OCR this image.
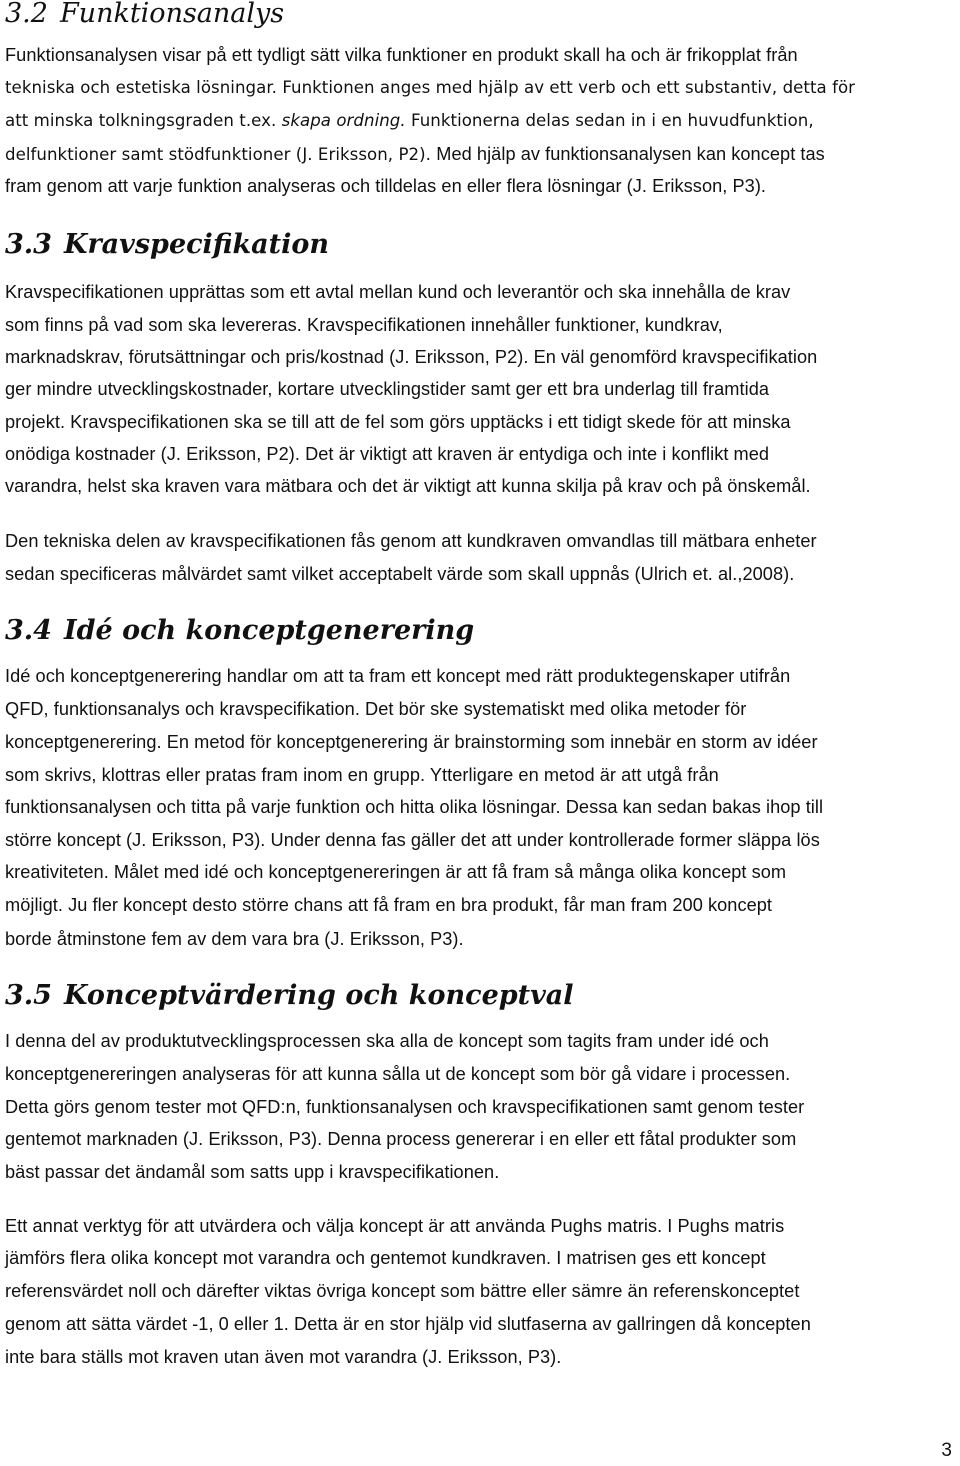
3.2 Funktionsanalys
Funktionsanalysen visar på ett tydligt sätt vilka funktioner en produkt skall ha och är frikopplat från
tekniska och estetiska lösningar. Funktionen anges med hjälp av ett verb och ett substantiv, detta för
att minska tolkningsgraden t.ex. skapa ordning. Funktionerna delas sedan in i en huvudfunktion,
delfunktioner samt stödfunktioner (J. Eriksson, P2). Med hjälp av funktionsanalysen kan koncept tas
fram genom att varje funktion analyseras och tilldelas en eller flera lösningar (J. Eriksson, P3).
3.3 Kravspecifikation
Kravspecifikationen upprättas som ett avtal mellan kund och leverantör och ska innehålla de krav
som finns på vad som ska levereras. Kravspecifikationen innehåller funktioner, kundkrav,
marknadskrav, förutsättningar och pris/kostnad (J. Eriksson, P2). En väl genomförd kravspecifikation
ger mindre utvecklingskostnader, kortare utvecklingstider samt ger ett bra underlag till framtida
projekt. Kravspecifikationen ska se till att de fel som görs upptäcks i ett tidigt skede för att minska
onödiga kostnader (J. Eriksson, P2). Det är viktigt att kraven är entydiga och inte i konflikt med
varandra, helst ska kraven vara mätbara och det är viktigt att kunna skilja på krav och på önskemål.
Den tekniska delen av kravspecifikationen fås genom att kundkraven omvandlas till mätbara enheter
sedan specificeras målvärdet samt vilket acceptabelt värde som skall uppnås (Ulrich et. al.,2008).
3.4 Idé och konceptgenerering
Idé och konceptgenerering handlar om att ta fram ett koncept med rätt produktegenskaper utifrån
QFD, funktionsanalys och kravspecifikation. Det bör ske systematiskt med olika metoder för
konceptgenerering. En metod för konceptgenerering är brainstorming som innebär en storm av idéer
som skrivs, klottras eller pratas fram inom en grupp. Ytterligare en metod är att utgå från
funktionsanalysen och titta på varje funktion och hitta olika lösningar. Dessa kan sedan bakas ihop till
större koncept (J. Eriksson, P3). Under denna fas gäller det att under kontrollerade former släppa lös
kreativiteten. Målet med idé och konceptgenereringen är att få fram så många olika koncept som
möjligt. Ju fler koncept desto större chans att få fram en bra produkt, får man fram 200 koncept
borde åtminstone fem av dem vara bra (J. Eriksson, P3).
3.5 Konceptvärdering och konceptval
I denna del av produktutvecklingsprocessen ska alla de koncept som tagits fram under idé och
konceptgenereringen analyseras för att kunna sålla ut de koncept som bör gå vidare i processen.
Detta görs genom tester mot QFD:n, funktionsanalysen och kravspecifikationen samt genom tester
gentemot marknaden (J. Eriksson, P3). Denna process genererar i en eller ett fåtal produkter som
bäst passar det ändamål som satts upp i kravspecifikationen.
Ett annat verktyg för att utvärdera och välja koncept är att använda Pughs matris. I Pughs matris
jämförs flera olika koncept mot varandra och gentemot kundkraven. I matrisen ges ett koncept
referensvärdet noll och därefter viktas övriga koncept som bättre eller sämre än referenskonceptet
genom att sätta värdet -1, 0 eller 1. Detta är en stor hjälp vid slutfaserna av gallringen då koncepten
inte bara ställs mot kraven utan även mot varandra (J. Eriksson, P3).
3
